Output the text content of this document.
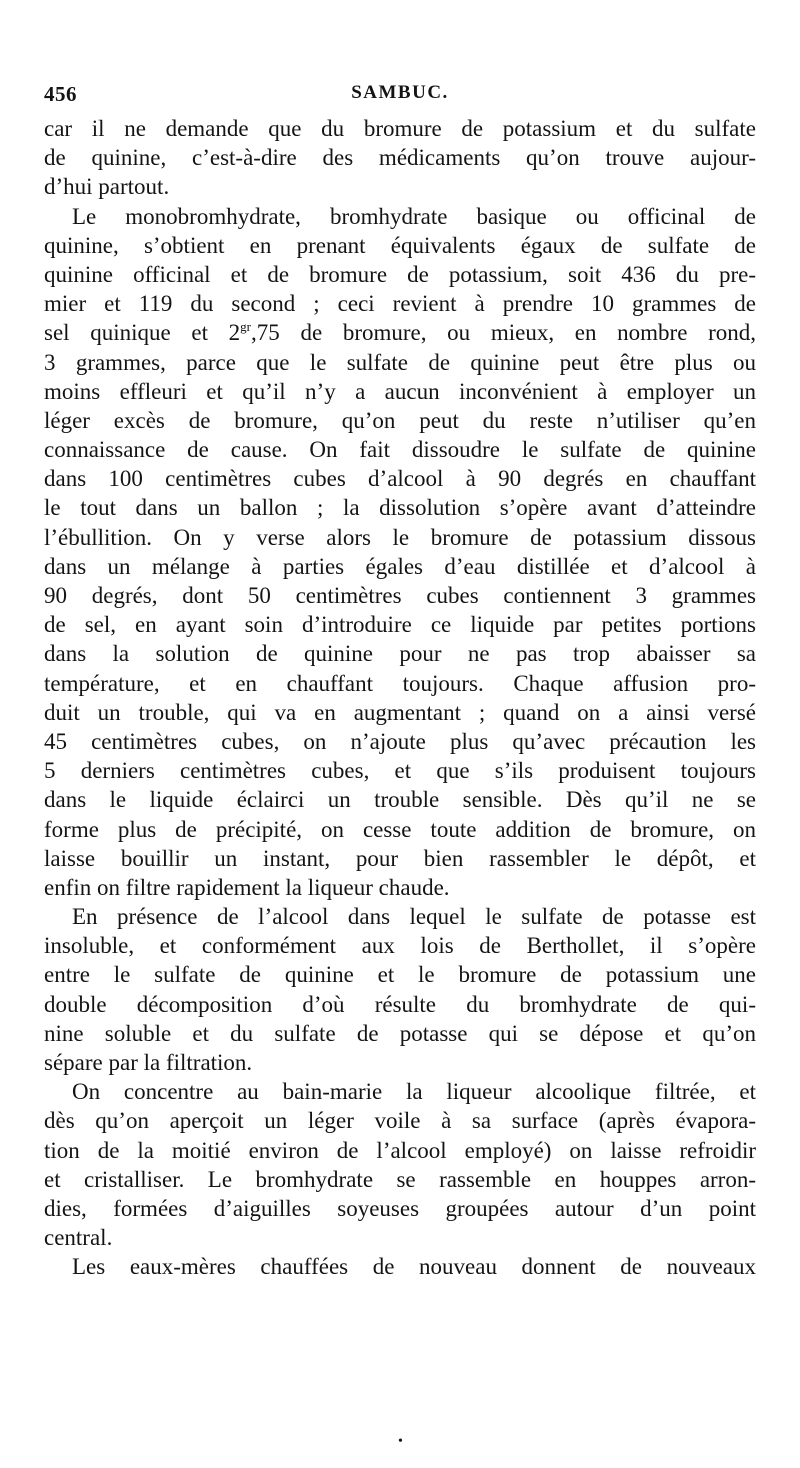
456	SAMBUC.
car il ne demande que du bromure de potassium et du sulfate
de quinine, c’est-à-dire des médicaments qu’on trouve aujour-
d’hui partout.
Le monobromhydrate, bromhydrate basique ou officinal de
quinine, s’obtient en prenant équivalents égaux de sulfate de
quinine officinal et de bromure de potassium, soit 436 du pre-
mier et 119 du second ; ceci revient à prendre 10 grammes de
sel quinique et $2^{gr},75$ de bromure, ou mieux, en nombre rond,
3 grammes, parce que le sulfate de quinine peut être plus ou
moins effleuri et qu’il n’y a aucun inconvénient à employer un
léger excès de bromure, qu’on peut du reste n’utiliser qu’en
connaissance de cause. On fait dissoudre le sulfate de quinine
dans 100 centimètres cubes d’alcool à 90 degrés en chauffant
le tout dans un ballon ; la dissolution s’opère avant d’atteindre
l’ébullition. On y verse alors le bromure de potassium dissous
dans un mélange à parties égales d’eau distillée et d’alcool à
90 degrés, dont 50 centimètres cubes contiennent 3 grammes
de sel, en ayant soin d’introduire ce liquide par petites portions
dans la solution de quinine pour ne pas trop abaisser sa
température, et en chauffant toujours. Chaque affusion pro-
duit un trouble, qui va en augmentant ; quand on a ainsi versé
45 centimètres cubes, on n’ajoute plus qu’avec précaution les
5 derniers centimètres cubes, et que s’ils produisent toujours
dans le liquide éclairci un trouble sensible. Dès qu’il ne se
forme plus de précipité, on cesse toute addition de bromure, on
laisse bouillir un instant, pour bien rassembler le dépôt, et
enfin on filtre rapidement la liqueur chaude.
En présence de l’alcool dans lequel le sulfate de potasse est
insoluble, et conformément aux lois de Berthollet, il s’opère
entre le sulfate de quinine et le bromure de potassium une
double décomposition d’où résulte du bromhydrate de qui-
nine soluble et du sulfate de potasse qui se dépose et qu’on
sépare par la filtration.
On concentre au bain-marie la liqueur alcoolique filtrée, et
dès qu’on aperçoit un léger voile à sa surface (après évapora-
tion de la moitié environ de l’alcool employé) on laisse refroidir
et cristalliser. Le bromhydrate se rassemble en houppes arron-
dies, formées d’aiguilles soyeuses groupées autour d’un point
central.
Les eaux-mères chauffées de nouveau donnent de nouveaux
•
